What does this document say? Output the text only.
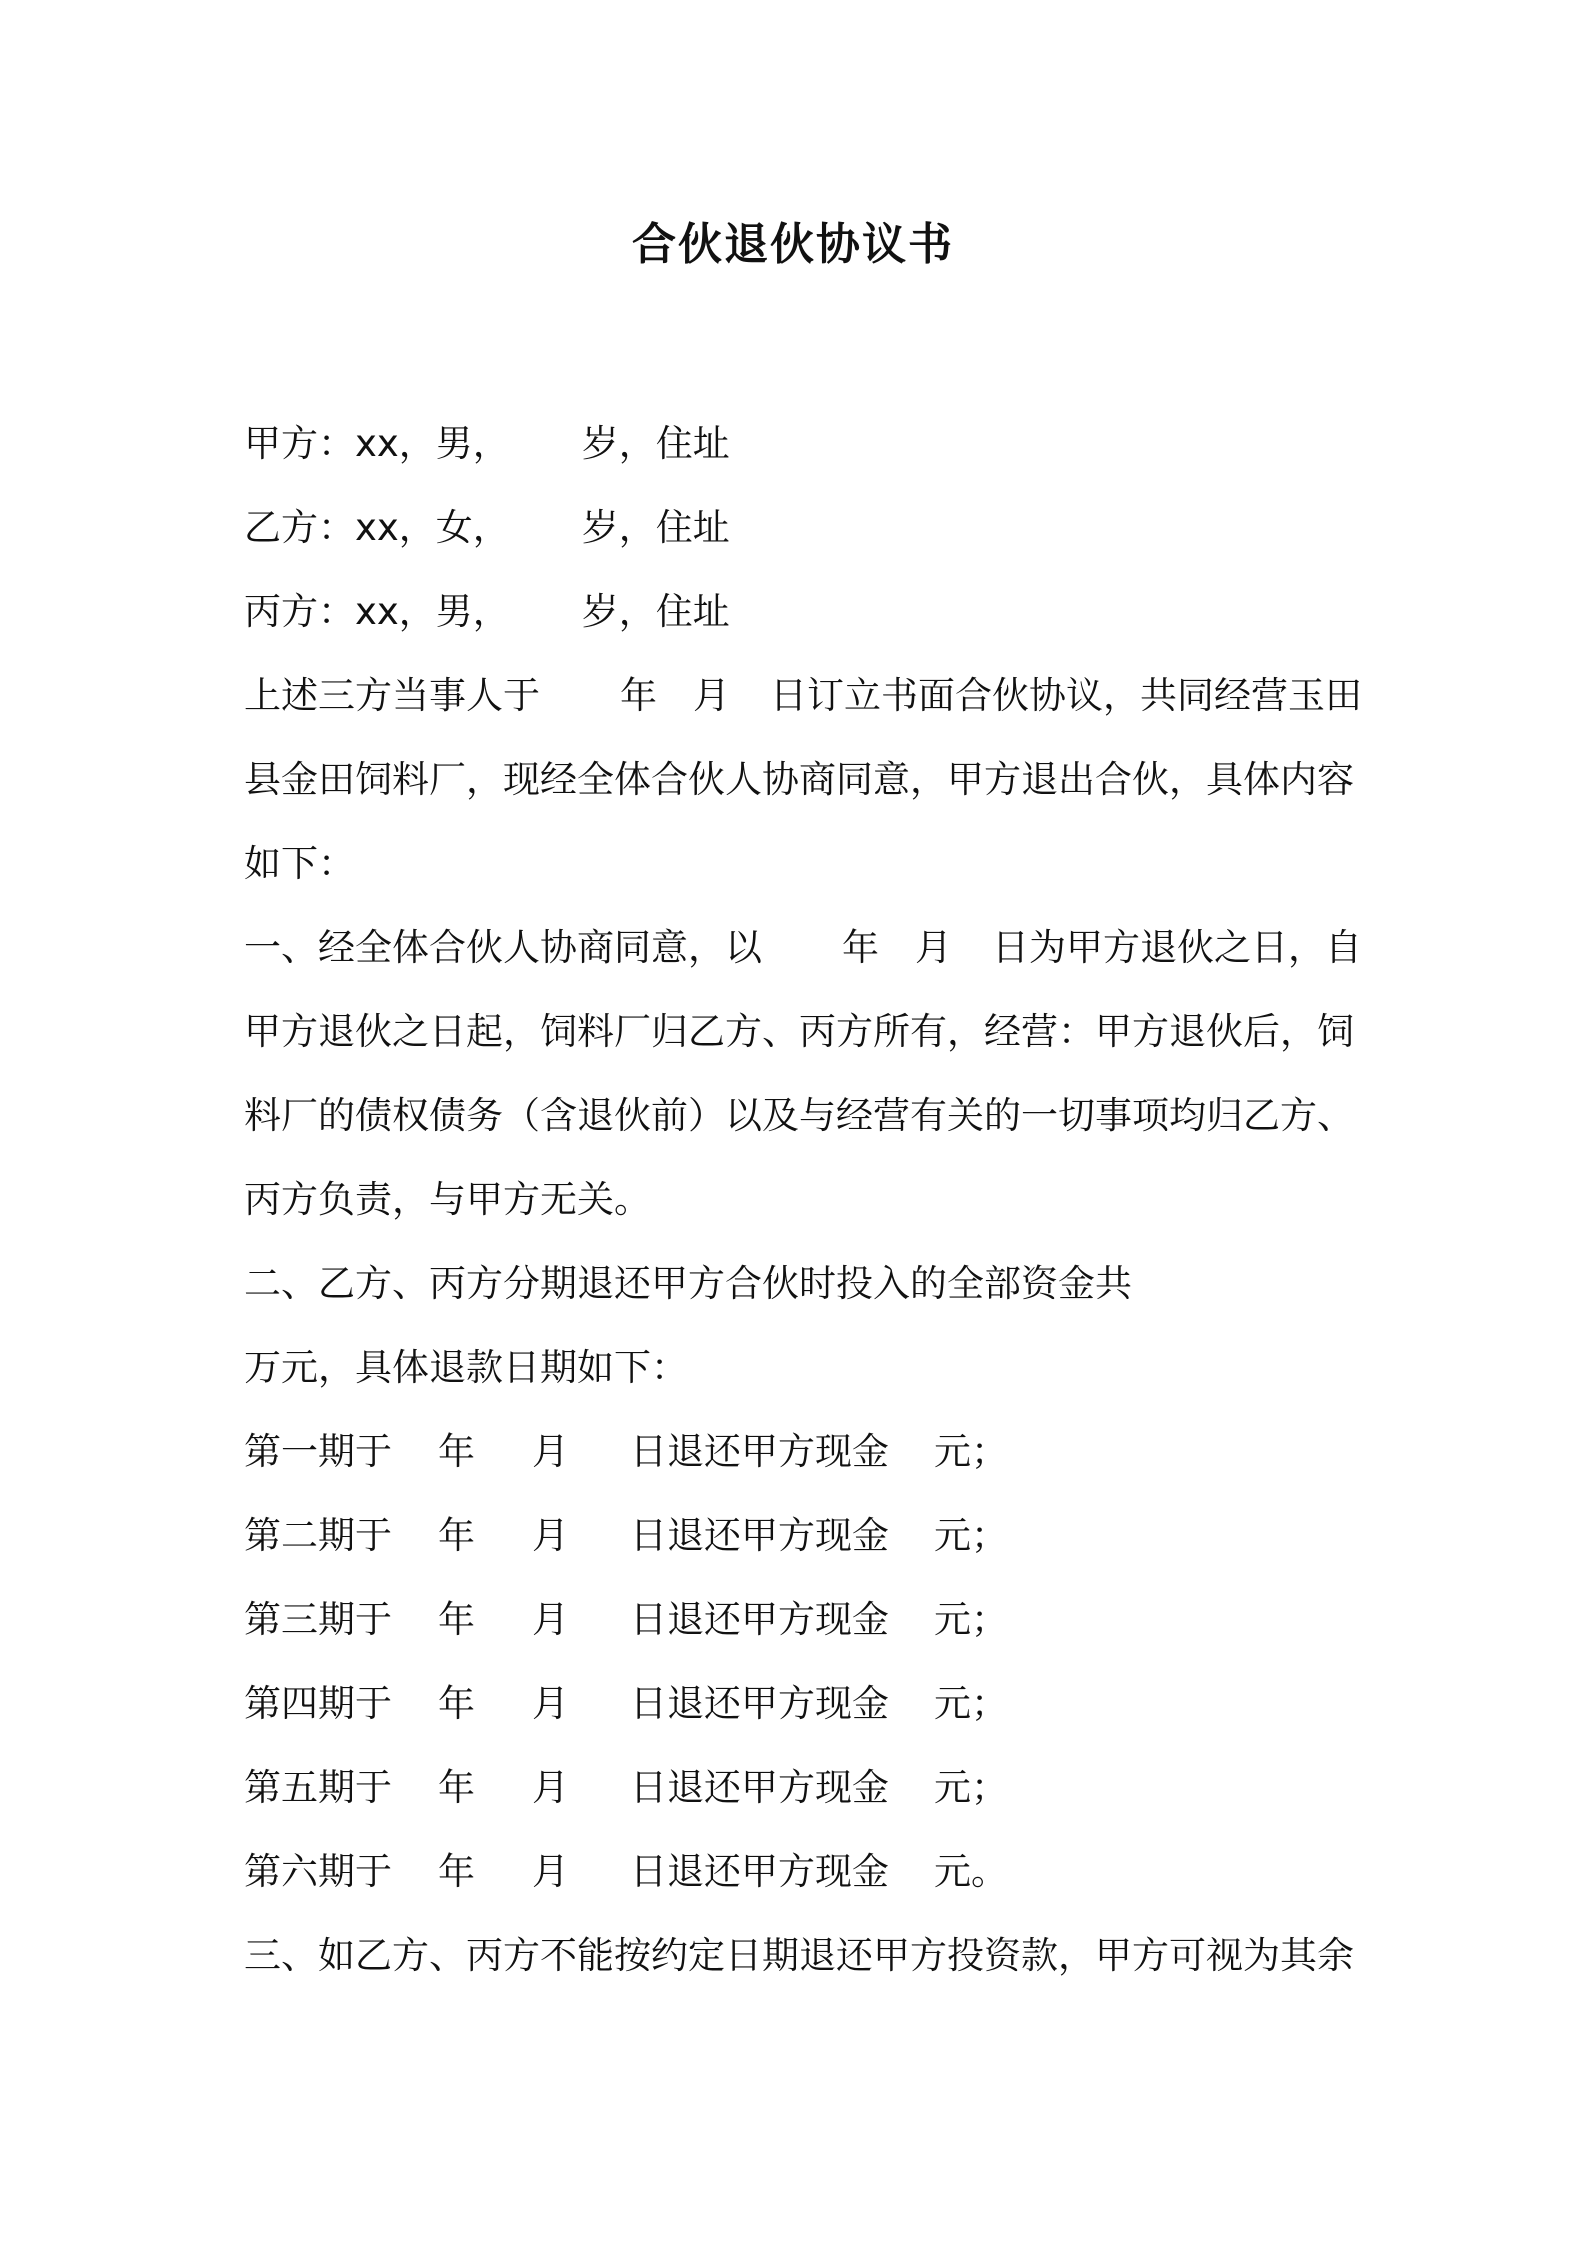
合伙退伙协议书
甲方：xx，男， 岁，住址
乙方：xx，女， 岁，住址
丙方：xx，男， 岁，住址
上述三方当事人于 年 月 日订立书面合伙协议，共同经营玉田
县金田饲料厂，现经全体合伙人协商同意，甲方退出合伙，具体内容
如下：
一、经全体合伙人协商同意，以 年 月 日为甲方退伙之日，自
甲方退伙之日起，饲料厂归乙方、丙方所有，经营：甲方退伙后，饲
料厂的债权债务（含退伙前）以及与经营有关的一切事项均归乙方、
丙方负责，与甲方无关。
二、乙方、丙方分期退还甲方合伙时投入的全部资金共
万元，具体退款日期如下：
第一期于 年 月 日退还甲方现金 元；
第二期于 年 月 日退还甲方现金 元；
第三期于 年 月 日退还甲方现金 元；
第四期于 年 月 日退还甲方现金 元；
第五期于 年 月 日退还甲方现金 元；
第六期于 年 月 日退还甲方现金 元。
三、如乙方、丙方不能按约定日期退还甲方投资款，甲方可视为其余
